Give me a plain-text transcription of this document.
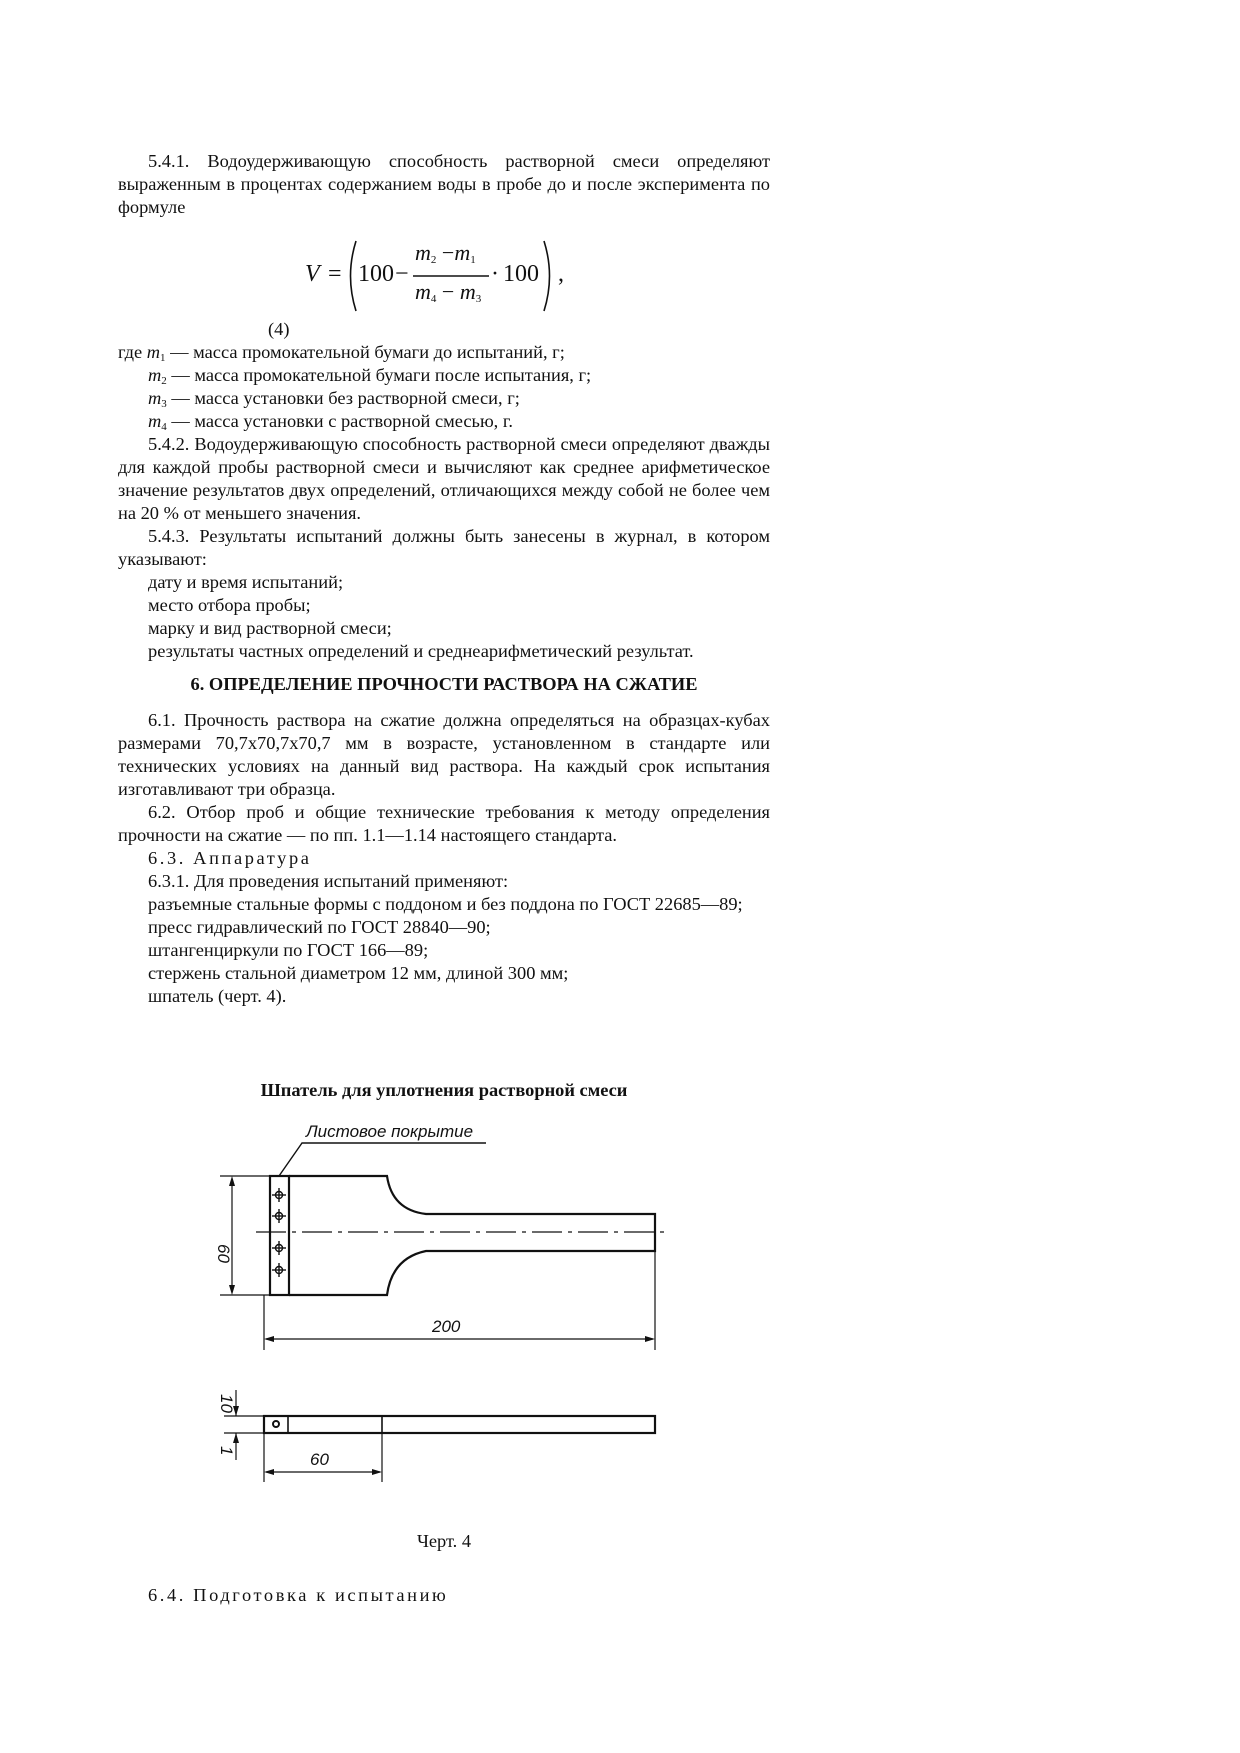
5.4.1. Водоудерживающую способность растворной смеси определяют выраженным в процентах содержанием воды в пробе до и после эксперимента по формуле

V = 100 −
$m_2 -m_1$
$m_4 - m_3$
· 100 ,
(4)
где $m_1$ — масса промокательной бумаги до испытаний, г;
$m_2$ — масса промокательной бумаги после испытания, г;
$m_3$ — масса установки без растворной смеси, г;
$m_4$ — масса установки с растворной смесью, г.

5.4.2. Водоудерживающую способность растворной смеси определяют дважды для каждой пробы растворной смеси и вычисляют как среднее арифметическое значение результатов двух определений, отличающихся между собой не более чем на 20 % от меньшего значения.

5.4.3. Результаты испытаний должны быть занесены в журнал, в котором указывают:

дату и время испытаний;

место отбора пробы;

марку и вид растворной смеси;

результаты частных определений и среднеарифметический результат.

6. ОПРЕДЕЛЕНИЕ ПРОЧНОСТИ РАСТВОРА НА СЖАТИЕ

6.1. Прочность раствора на сжатие должна определяться на образцах-кубах размерами 70,7x70,7x70,7 мм в возрасте, установленном в стандарте или технических условиях на данный вид раствора. На каждый срок испытания изготавливают три образца.

6.2. Отбор проб и общие технические требования к методу определения прочности на сжатие — по пп. 1.1—1.14 настоящего стандарта.

6.3. Аппаратура

6.3.1. Для проведения испытаний применяют:

разъемные стальные формы с поддоном и без поддона по ГОСТ 22685—89;

пресс гидравлический по ГОСТ 28840—90;

штангенциркули по ГОСТ 166—89;

стержень стальной диаметром 12 мм, длиной 300 мм;

шпатель (черт. 4).

Шпатель для уплотнения растворной смеси
Листовое покрытие
60
200
10
1	60
Черт. 4
6.4. Подготовка к испытанию
